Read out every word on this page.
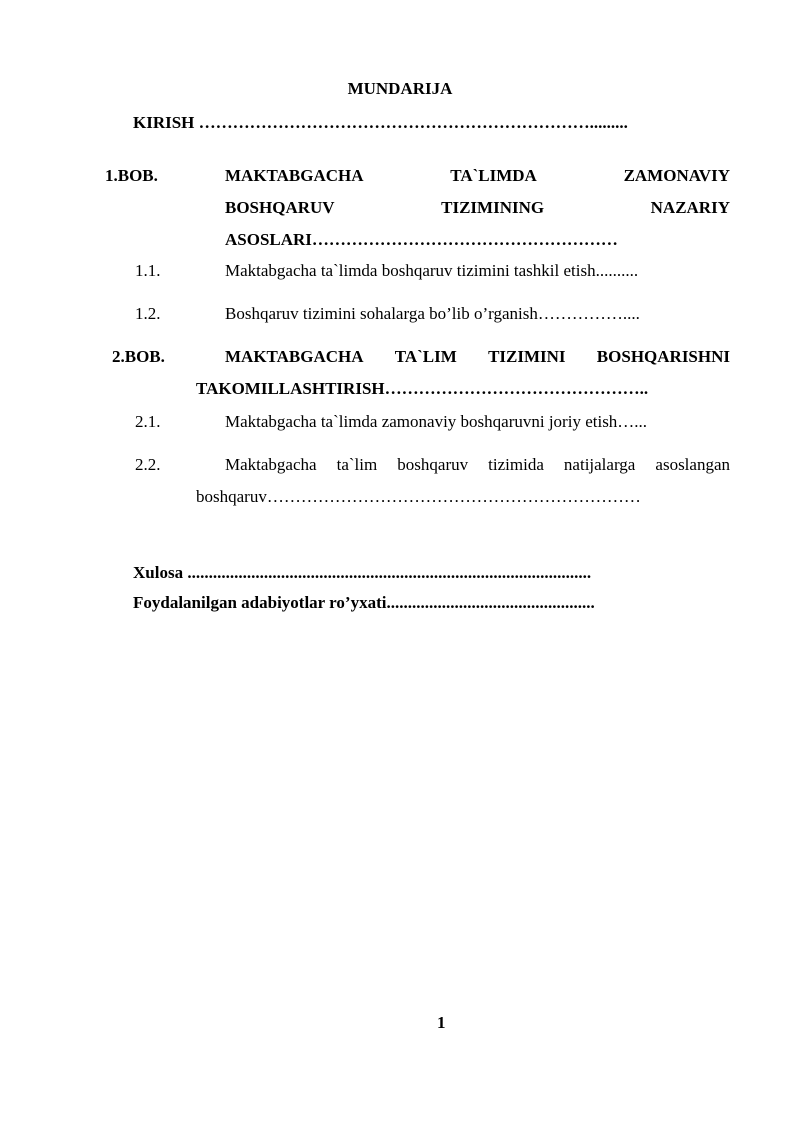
MUNDARIJA
KIRISH …………………………………………………………….........
1.BOB.	MAKTABGACHA	TA`LIMDA	ZAMONAVIY
BOSHQARUV	TIZIMINING	NAZARIY
ASOSLARI………………………………………………
1.1.	Maktabgacha ta`limda boshqaruv tizimini tashkil etish..........
1.2.	Boshqaruv tizimini sohalarga bo’lib o’rganish……………....
2.BOB.	MAKTABGACHA TA`LIM TIZIMINI BOSHQARISHNI
TAKOMILLASHTIRISH………………………………………..
2.1.	Maktabgacha ta`limda zamonaviy boshqaruvni joriy etish…...
2.2.	Maktabgacha ta`lim boshqaruv tizimida natijalarga asoslangan
boshqaruv…………………………………………………………
Xulosa ...............................................................................................
Foydalanilgan adabiyotlar ro’yxati.................................................
1
